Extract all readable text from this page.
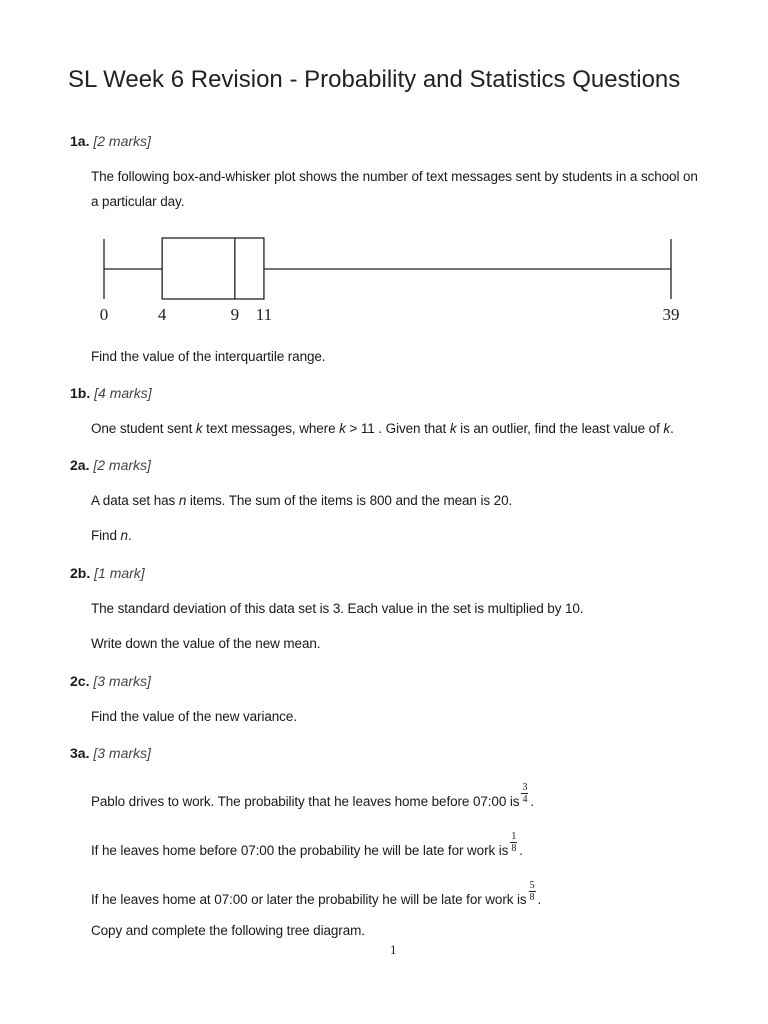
SL Week 6 Revision - Probability and Statistics Questions
1a. [2 marks]
The following box-and-whisker plot shows the number of text messages sent by students in a school on
a particular day.
0	4	9 11	39
Find the value of the interquartile range.
1b. [4 marks]
One student sent k text messages, where k > 11 . Given that k is an outlier, find the least value of k.
2a. [2 marks]
A data set has n items. The sum of the items is 800 and the mean is 20.
Find n.
2b. [1 mark]
The standard deviation of this data set is 3. Each value in the set is multiplied by 10.
Write down the value of the new mean.
2c. [3 marks]
Find the value of the new variance.
3a. [3 marks]
Pablo drives to work. The probability that he leaves home before 07:00 is $\frac{3}{4}$ .
If he leaves home before 07:00 the probability he will be late for work is $\frac{1}{8}$ .
If he leaves home at 07:00 or later the probability he will be late for work is $\frac{5}{8}$ .
Copy and complete the following tree diagram.
1
